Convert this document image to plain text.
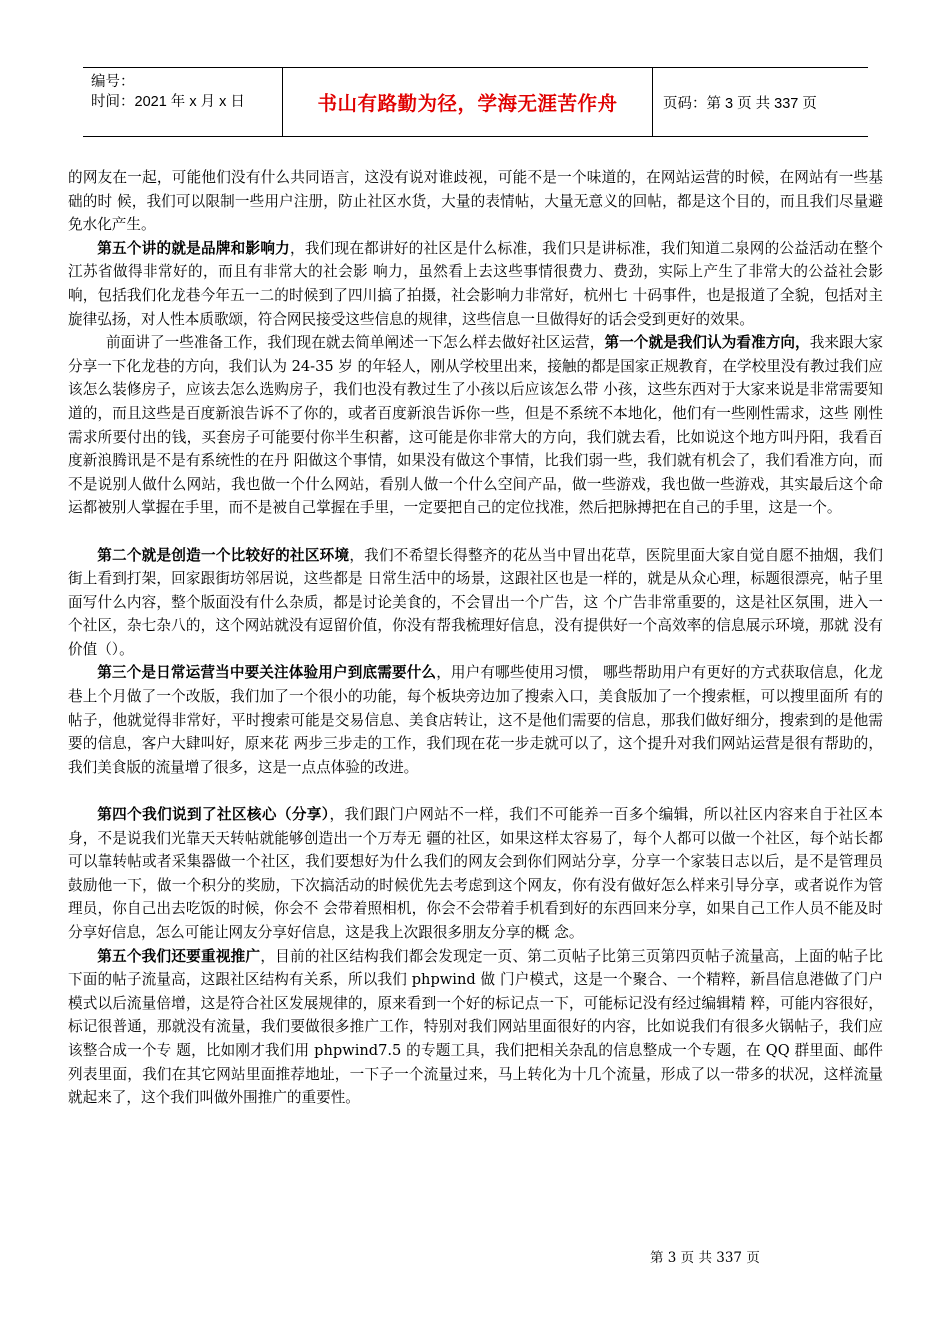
编号：
时间：2021 年 x 月 x 日	书山有路勤为径，学海无涯苦作舟	页码：第 3 页 共 337 页

的网友在一起，可能他们没有什么共同语言，这没有说对谁歧视，可能不是一个味道的，在网站运营的时候，在网站有一些基础的时 候，我们可以限制一些用户注册，防止社区水货，大量的表情帖，大量无意义的回帖，都是这个目的，而且我们尽量避免水化产生。

第五个讲的就是品牌和影响力，我们现在都讲好的社区是什么标准，我们只是讲标准，我们知道二泉网的公益活动在整个江苏省做得非常好的，而且有非常大的社会影 响力，虽然看上去这些事情很费力、费劲，实际上产生了非常大的公益社会影响，包括我们化龙巷今年五一二的时候到了四川搞了拍摄，社会影响力非常好，杭州七 十码事件，也是报道了全貌，包括对主旋律弘扬，对人性本质歌颂，符合网民接受这些信息的规律，这些信息一旦做得好的话会受到更好的效果。

前面讲了一些准备工作，我们现在就去简单阐述一下怎么样去做好社区运营，第一个就是我们认为看准方向，我来跟大家分享一下化龙巷的方向，我们认为 24-35 岁 的年轻人，刚从学校里出来，接触的都是国家正规教育，在学校里没有教过我们应该怎么装修房子，应该去怎么选购房子，我们也没有教过生了小孩以后应该怎么带 小孩，这些东西对于大家来说是非常需要知道的，而且这些是百度新浪告诉不了你的，或者百度新浪告诉你一些，但是不系统不本地化，他们有一些刚性需求，这些 刚性需求所要付出的钱，买套房子可能要付你半生积蓄，这可能是你非常大的方向，我们就去看，比如说这个地方叫丹阳，我看百度新浪腾讯是不是有系统性的在丹 阳做这个事情，如果没有做这个事情，比我们弱一些，我们就有机会了，我们看准方向，而不是说别人做什么网站，我也做一个什么网站，看别人做一个什么空间产品，做一些游戏，我也做一些游戏，其实最后这个命运都被别人掌握在手里，而不是被自己掌握在手里，一定要把自己的定位找准，然后把脉搏把在自己的手里，这是一个。

第二个就是创造一个比较好的社区环境，我们不希望长得整齐的花丛当中冒出花草，医院里面大家自觉自愿不抽烟，我们街上看到打架，回家跟街坊邻居说，这些都是 日常生活中的场景，这跟社区也是一样的，就是从众心理，标题很漂亮，帖子里面写什么内容，整个版面没有什么杂质，都是讨论美食的，不会冒出一个广告，这 个广告非常重要的，这是社区氛围，进入一个社区，杂七杂八的，这个网站就没有逗留价值，你没有帮我梳理好信息，没有提供好一个高效率的信息展示环境，那就 没有价值（）。

第三个是日常运营当中要关注体验用户到底需要什么，用户有哪些使用习惯， 哪些帮助用户有更好的方式获取信息，化龙巷上个月做了一个改版，我们加了一个很小的功能，每个板块旁边加了搜索入口，美食版加了一个搜索框，可以搜里面所 有的帖子，他就觉得非常好，平时搜索可能是交易信息、美食店转让，这不是他们需要的信息，那我们做好细分，搜索到的是他需要的信息，客户大肆叫好，原来花 两步三步走的工作，我们现在花一步走就可以了，这个提升对我们网站运营是很有帮助的，我们美食版的流量增了很多，这是一点点体验的改进。

第四个我们说到了社区核心（分享），我们跟门户网站不一样，我们不可能养一百多个编辑，所以社区内容来自于社区本身，不是说我们光靠天天转帖就能够创造出一个万寿无 疆的社区，如果这样太容易了，每个人都可以做一个社区，每个站长都可以靠转帖或者采集器做一个社区，我们要想好为什么我们的网友会到你们网站分享，分享一个家装日志以后，是不是管理员 鼓励他一下，做一个积分的奖励，下次搞活动的时候优先去考虑到这个网友，你有没有做好怎么样来引导分享，或者说作为管理员，你自己出去吃饭的时候，你会不 会带着照相机，你会不会带着手机看到好的东西回来分享，如果自己工作人员不能及时分享好信息，怎么可能让网友分享好信息，这是我上次跟很多朋友分享的概 念。

第五个我们还要重视推广，目前的社区结构我们都会发现定一页、第二页帖子比第三页第四页帖子流量高，上面的帖子比下面的帖子流量高，这跟社区结构有关系，所以我们 phpwind 做 门户模式，这是一个聚合、一个精粹，新昌信息港做了门户模式以后流量倍增，这是符合社区发展规律的，原来看到一个好的标记点一下，可能标记没有经过编辑精 粹，可能内容很好，标记很普通，那就没有流量，我们要做很多推广工作，特别对我们网站里面很好的内容，比如说我们有很多火锅帖子，我们应该整合成一个专 题，比如刚才我们用 phpwind7.5 的专题工具，我们把相关杂乱的信息整成一个专题，在 QQ 群里面、邮件列表里面，我们在其它网站里面推荐地址，一下子一个流量过来，马上转化为十几个流量，形成了以一带多的状况，这样流量就起来了，这个我们叫做外围推广的重要性。

第 3 页 共 337 页
